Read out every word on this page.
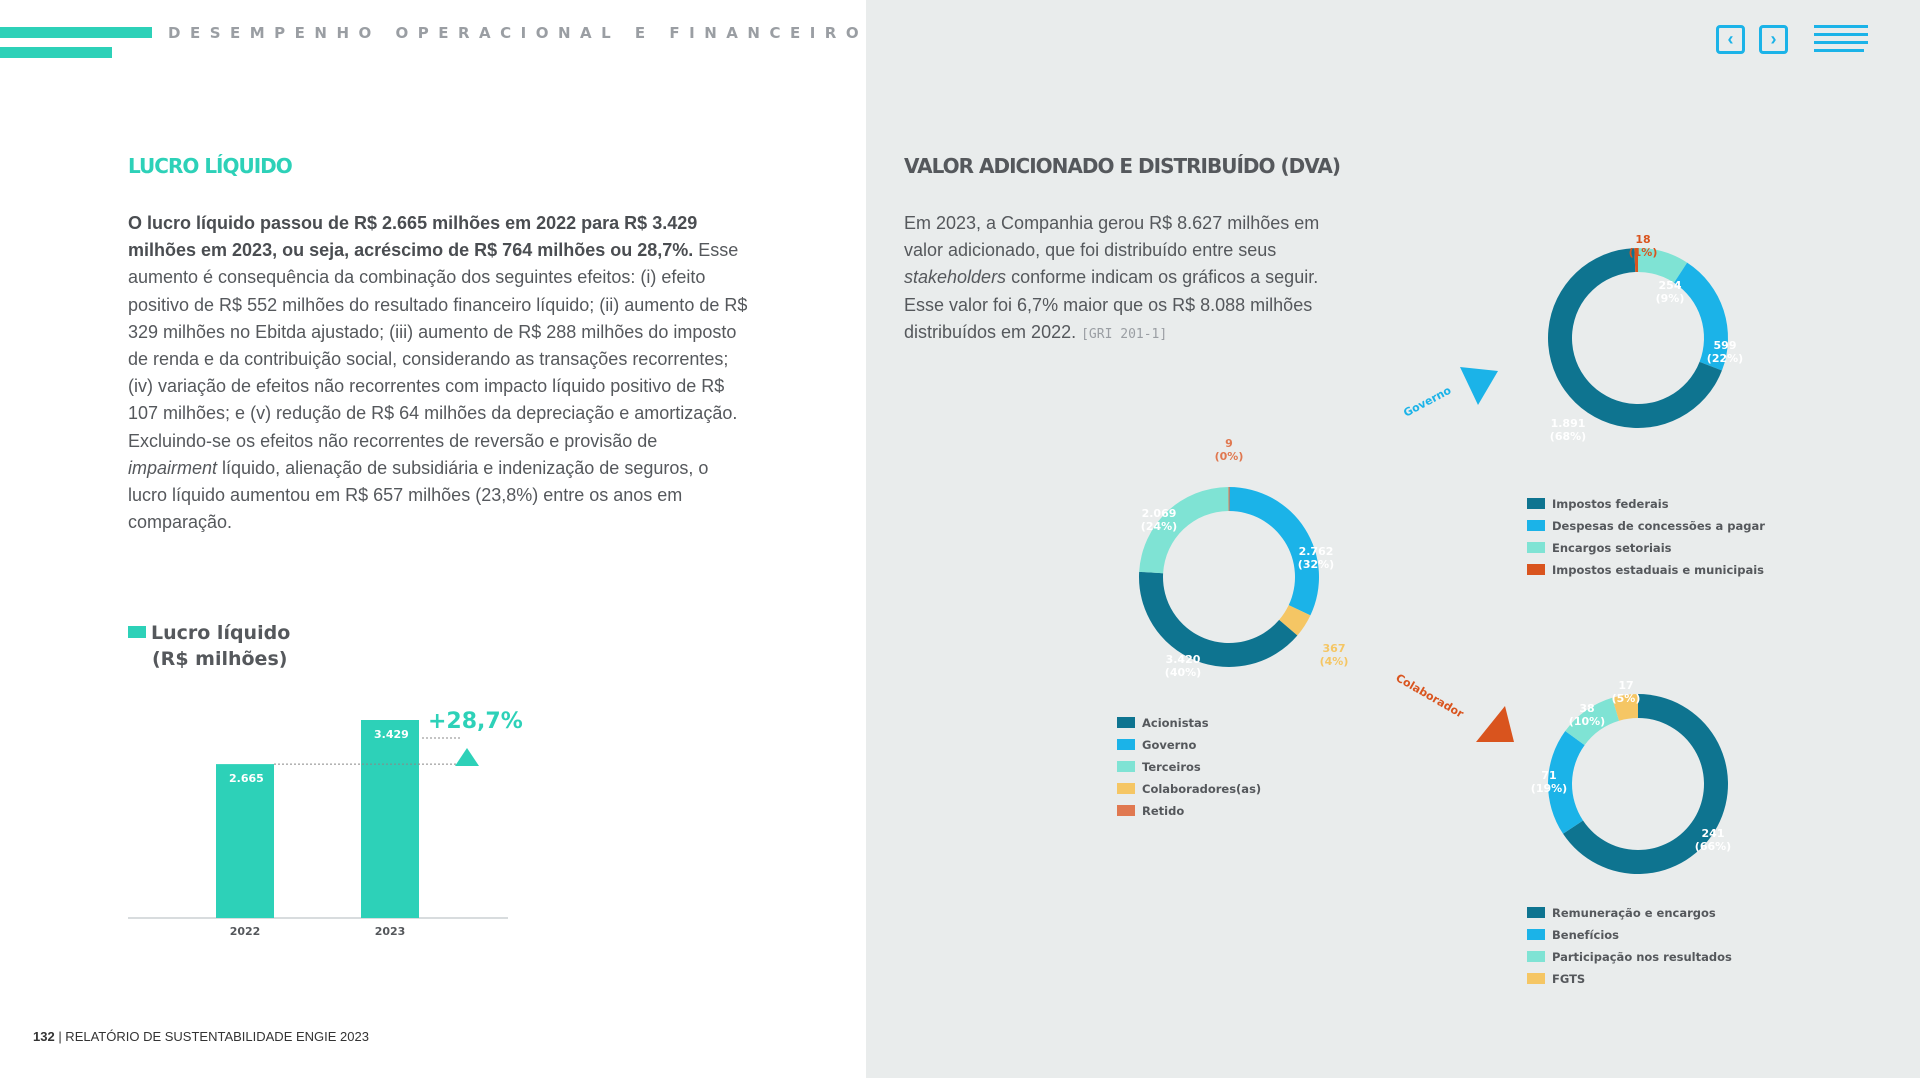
DESEMPENHO OPERACIONAL E FINANCEIRO	‹	›
LUCRO LÍQUIDO	VALOR ADICIONADO E DISTRIBUÍDO (DVA)
O lucro líquido passou de R$ 2.665 milhões em 2022 para R$ 3.429 milhões em 2023, ou seja, acréscimo de R$ 764 milhões ou 28,7%. Esse aumento é consequência da combinação dos seguintes efeitos: (i) efeito positivo de R$ 552 milhões do resultado financeiro líquido; (ii) aumento de R$ 329 milhões no Ebitda ajustado; (iii) aumento de R$ 288 milhões do imposto de renda e da contribuição social, considerando as transações recorrentes; (iv) variação de efeitos não recorrentes com impacto líquido positivo de R$ 107 milhões; e (v) redução de R$ 64 milhões da depreciação e amortização. Excluindo-se os efeitos não recorrentes de reversão e provisão de impairment líquido, alienação de subsidiária e indenização de seguros, o lucro líquido aumentou em R$ 657 milhões (23,8%) entre os anos em comparação.
Em 2023, a Companhia gerou R$ 8.627 milhões em valor adicionado, que foi distribuído entre seus stakeholders conforme indicam os gráficos a seguir. Esse valor foi 6,7% maior que os R$ 8.088 milhões distribuídos em 2022. [GRI 201-1]
Lucro líquido
(R$ milhões)
2.665
2022
3.429
2023
+28,7%
Governo
Colaborador
3.420
(40%)
Acionistas
2.762
(32%)
Governo
2.069
(24%)
Terceiros
367
(4%)
Colaboradores(as)
9
(0%)
Retido
1.891
(68%)
Impostos federais
599
(22%)
Despesas de concessões a pagar
254
(9%)
Encargos setoriais
18
(1%)
Impostos estaduais e municipais
241
(66%)
Remuneração e encargos
71
(19%)
Benefícios
38
(10%)
Participação nos resultados
17
(5%)
FGTS
132 | RELATÓRIO DE SUSTENTABILIDADE ENGIE 2023
